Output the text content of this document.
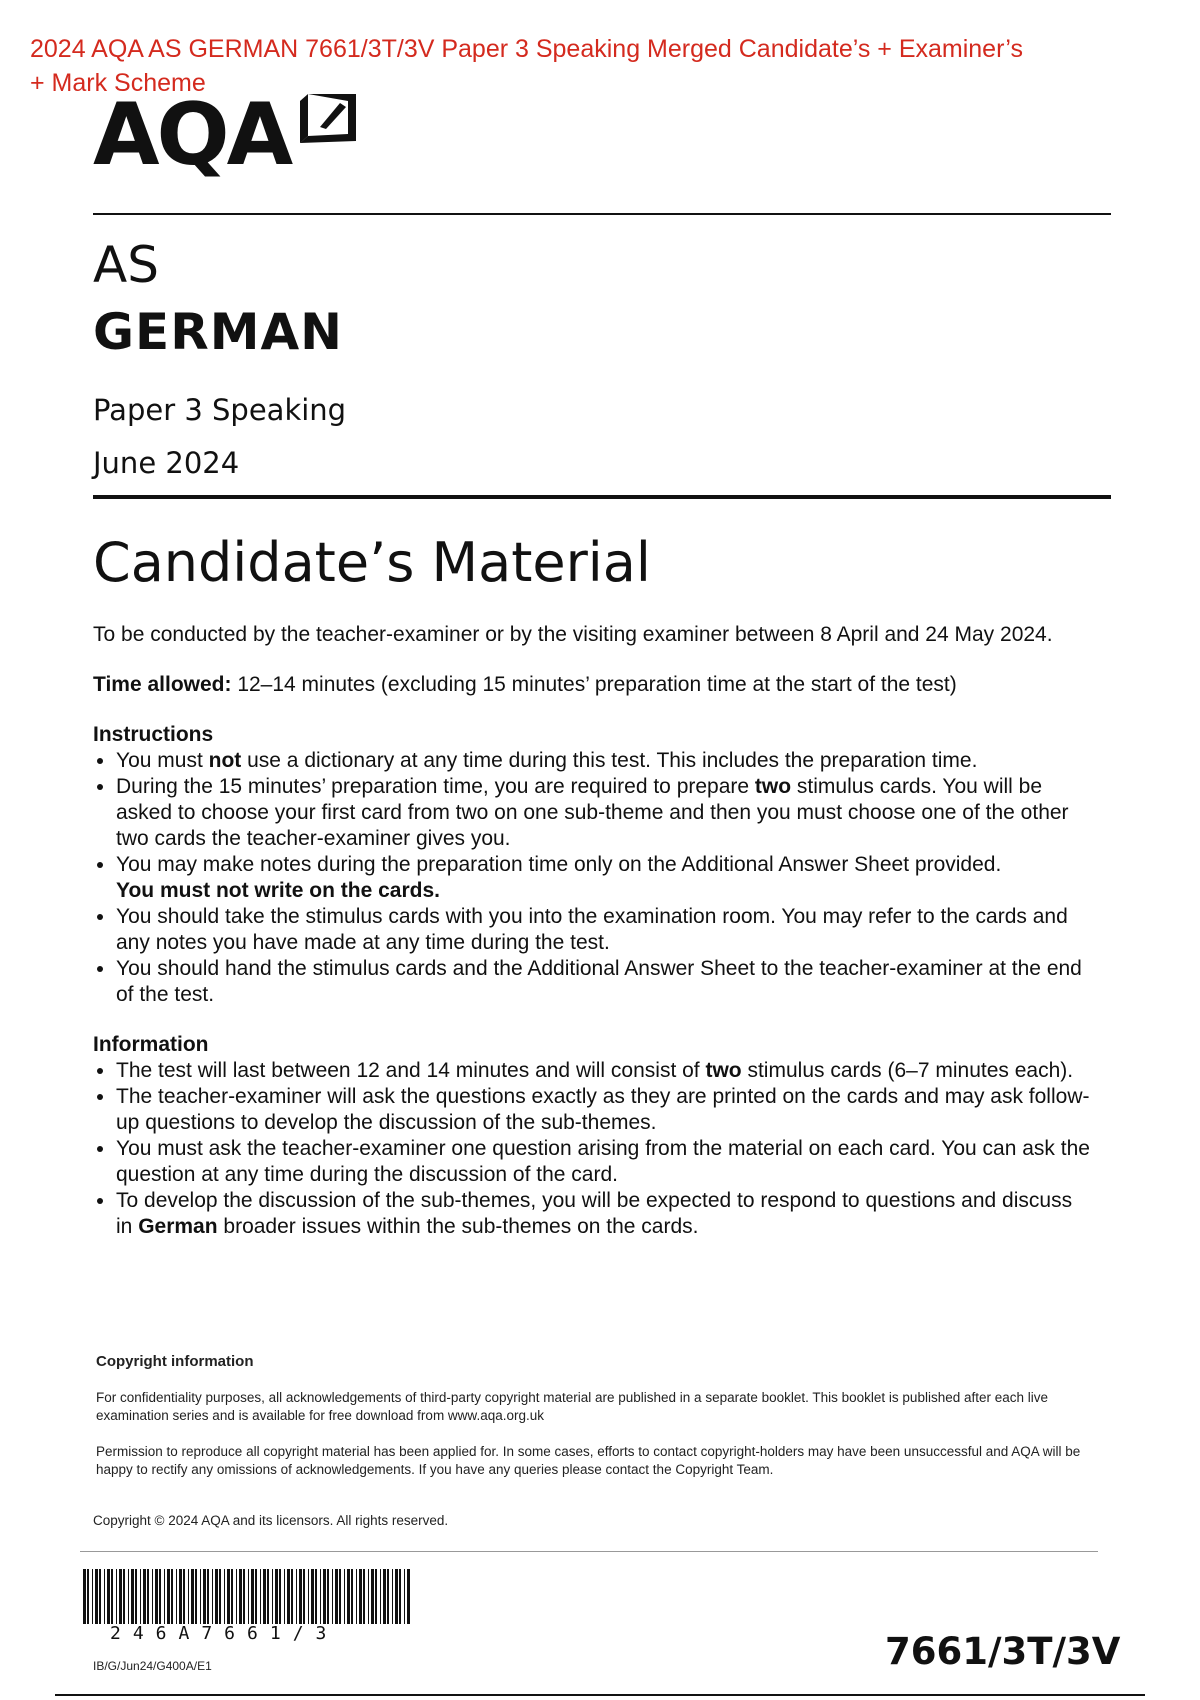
2024 AQA AS GERMAN 7661/3T/3V Paper 3 Speaking Merged Candidate’s + Examiner’s
+ Mark Scheme
AQA
AS
GERMAN
Paper 3 Speaking
June 2024
Candidate’s Material

To be conducted by the teacher-examiner or by the visiting examiner between 8 April and 24 May 2024.

Time allowed: 12–14 minutes (excluding 15 minutes’ preparation time at the start of the test)

Instructions

• You must not use a dictionary at any time during this test. This includes the preparation time.
• During the 15 minutes’ preparation time, you are required to prepare two stimulus cards. You will be asked to choose your first card from two on one sub-theme and then you must choose one of the other two cards the teacher-examiner gives you.
• You may make notes during the preparation time only on the Additional Answer Sheet provided.
You must not write on the cards.
• You should take the stimulus cards with you into the examination room. You may refer to the cards and any notes you have made at any time during the test.
• You should hand the stimulus cards and the Additional Answer Sheet to the teacher-examiner at the end of the test.

Information

• The test will last between 12 and 14 minutes and will consist of two stimulus cards (6–7 minutes each).
• The teacher-examiner will ask the questions exactly as they are printed on the cards and may ask follow-up questions to develop the discussion of the sub-themes.
• You must ask the teacher-examiner one question arising from the material on each card. You can ask the question at any time during the discussion of the card.
• To develop the discussion of the sub-themes, you will be expected to respond to questions and discuss in German broader issues within the sub-themes on the cards.

Copyright information

For confidentiality purposes, all acknowledgements of third-party copyright material are published in a separate booklet. This booklet is published after each live examination series and is available for free download from www.aqa.org.uk

Permission to reproduce all copyright material has been applied for. In some cases, efforts to contact copyright-holders may have been unsuccessful and AQA will be happy to rectify any omissions of acknowledgements. If you have any queries please contact the Copyright Team.

Copyright © 2024 AQA and its licensors. All rights reserved.
246A7661/3
IB/G/Jun24/G400A/E1	7661/3T/3V
